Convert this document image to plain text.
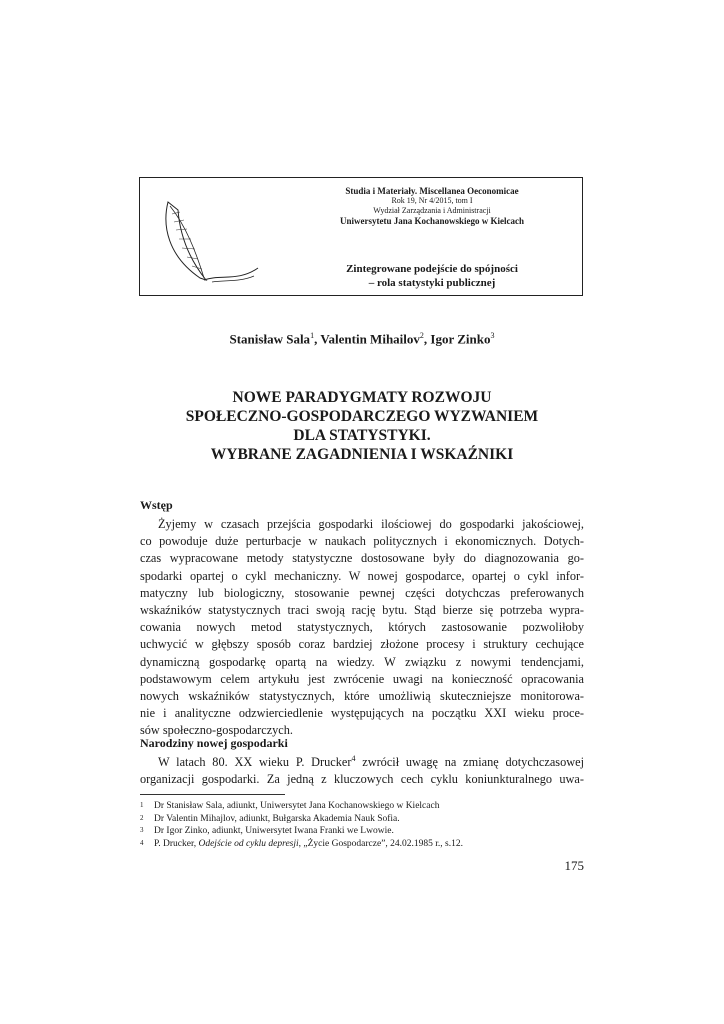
Studia i Materiały. Miscellanea Oeconomicae
Rok 19, Nr 4/2015, tom I
Wydział Zarządzania i Administracji
Uniwersytetu Jana Kochanowskiego w Kielcach
Zintegrowane podejście do spójności
– rola statystyki publicznej
Stanisław Sala$^1$, Valentin Mihailov$^2$, Igor Zinko$^3$
NOWE PARADYGMATY ROZWOJU
SPOŁECZNO-GOSPODARCZEGO WYZWANIEM
DLA STATYSTYKI.
WYBRANE ZAGADNIENIA I WSKAŹNIKI
Wstęp
Żyjemy w czasach przejścia gospodarki ilościowej do gospodarki jakościowej,
co powoduje duże perturbacje w naukach politycznych i ekonomicznych. Dotych-
czas wypracowane metody statystyczne dostosowane były do diagnozowania go-
spodarki opartej o cykl mechaniczny. W nowej gospodarce, opartej o cykl infor-
matyczny lub biologiczny, stosowanie pewnej części dotychczas preferowanych
wskaźników statystycznych traci swoją rację bytu. Stąd bierze się potrzeba wypra-
cowania nowych metod statystycznych, których zastosowanie pozwoliłoby
uchwycić w głębszy sposób coraz bardziej złożone procesy i struktury cechujące
dynamiczną gospodarkę opartą na wiedzy. W związku z nowymi tendencjami,
podstawowym celem artykułu jest zwrócenie uwagi na konieczność opracowania
nowych wskaźników statystycznych, które umożliwią skuteczniejsze monitorowa-
nie i analityczne odzwierciedlenie występujących na początku XXI wieku proce-
sów społeczno-gospodarczych.
Narodziny nowej gospodarki
W latach 80. XX wieku P. Drucker$^4$ zwrócił uwagę na zmianę dotychczasowej
organizacji gospodarki. Za jedną z kluczowych cech cyklu koniunkturalnego uwa-
1	Dr Stanisław Sala, adiunkt, Uniwersytet Jana Kochanowskiego w Kielcach
2	Dr Valentin Mihajlov, adiunkt, Bułgarska Akademia Nauk Sofia.
3	Dr Igor Zinko, adiunkt, Uniwersytet Iwana Franki we Lwowie.
4	P. Drucker, Odejście od cyklu depresji, „Życie Gospodarcze”, 24.02.1985 r., s.12.
175
